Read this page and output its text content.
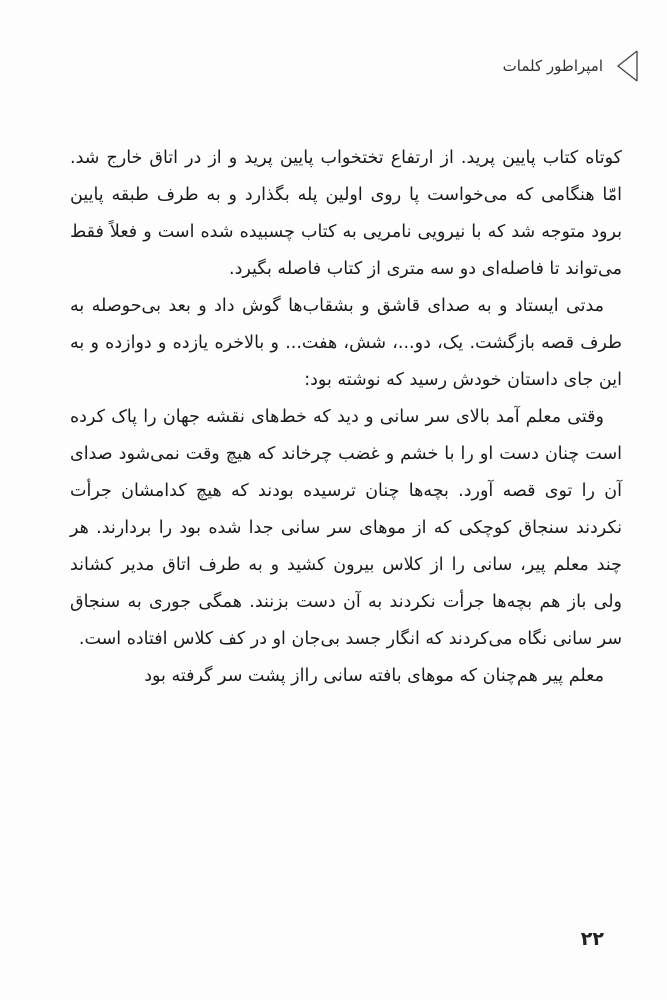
امپراطور کلمات

کوتاه کتاب پایین پرید. از ارتفاع تختخواب پایین پرید و از در اتاق خارج شد. امّا هنگامی که می‌خواست پا روی اولین پله بگذارد و به طرف طبقه پایین برود متوجه شد که با نیرویی نامریی به کتاب چسبیده شده است و فعلاً فقط می‌تواند تا فاصله‌ای دو سه متری از کتاب فاصله بگیرد.

مدتی ایستاد و به صدای قاشق و بشقاب‌ها گوش داد و بعد بی‌حوصله به طرف قصه بازگشت. یک، دو...، شش، هفت... و بالاخره یازده و دوازده و به این جای داستان خودش رسید که نوشته بود:

وقتی معلم آمد بالای سر سانی و دید که خط‌های نقشه جهان را پاک کرده است چنان دست او را با خشم و غضب چرخاند که هیچ وقت نمی‌شود صدای آن را توی قصه آورد. بچه‌ها چنان ترسیده بودند که هیچ کدامشان جرأت نکردند سنجاق کوچکی که از موهای سر سانی جدا شده بود را بردارند. هر چند معلم پیر، سانی را از کلاس بیرون کشید و به طرف اتاق مدیر کشاند ولی باز هم بچه‌ها جرأت نکردند به آن دست بزنند. همگی جوری به سنجاق سر سانی نگاه می‌کردند که انگار جسد بی‌جان او در کف کلاس افتاده است.

معلم پیر هم‌چنان که موهای بافته سانی رااز پشت سر گرفته بود

۲۲
